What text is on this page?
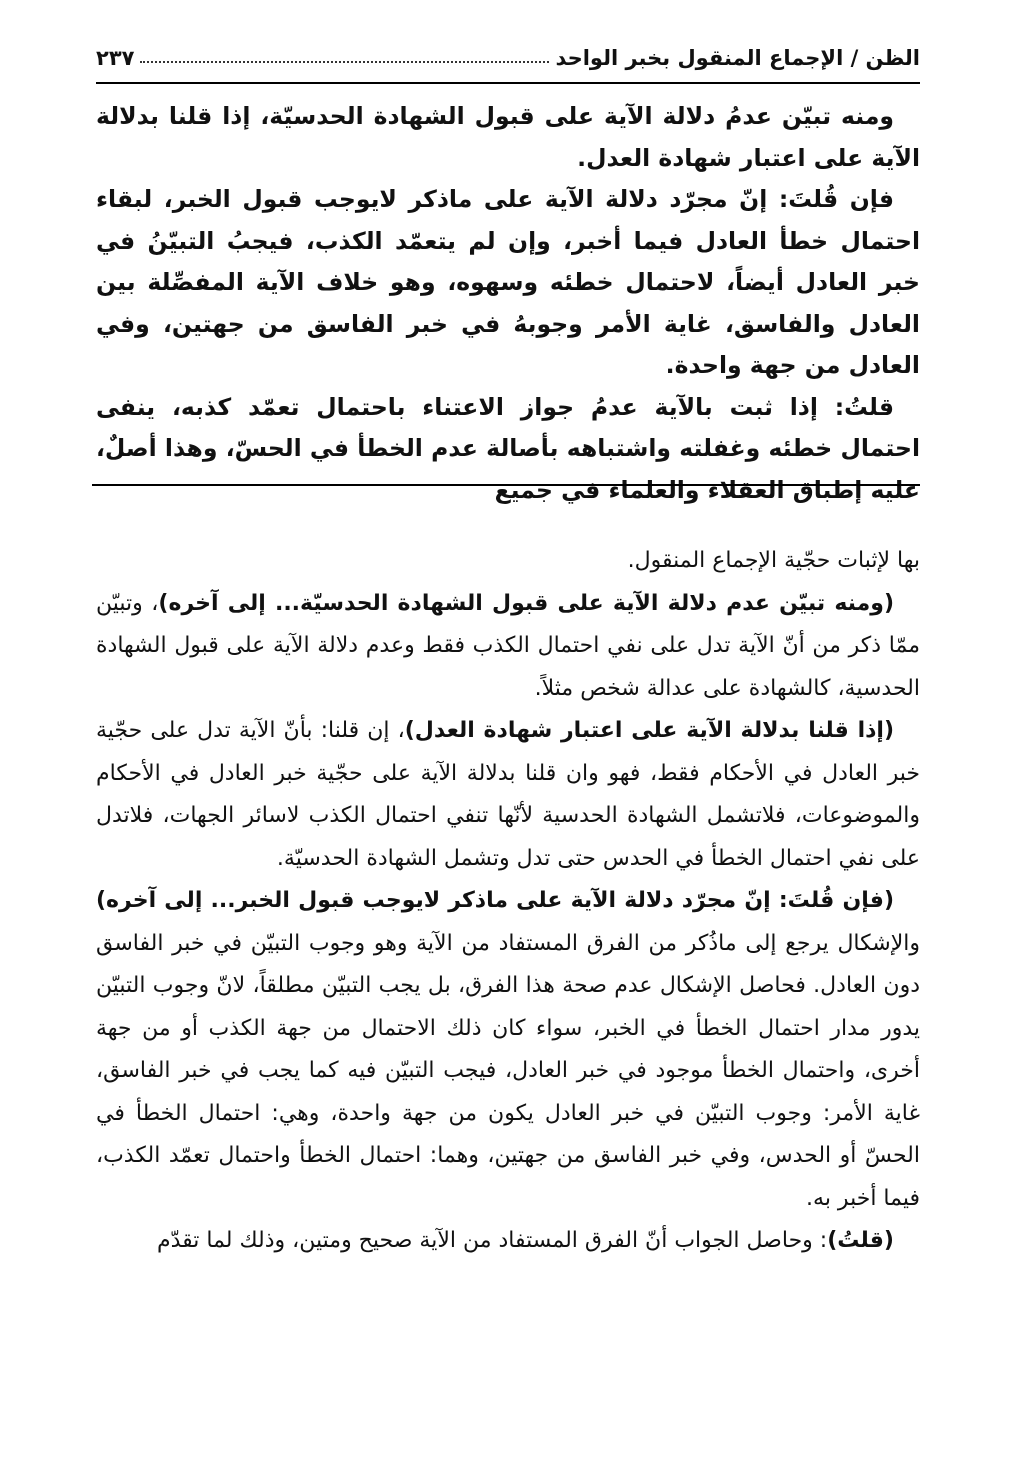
الظن / الإجماع المنقول بخبر الواحد
٢٣٧

ومنه تبيّن عدمُ دلالة الآية على قبول الشهادة الحدسيّة، إذا قلنا بدلالة الآية على اعتبار شهادة العدل.

فإن قُلتَ: إنّ مجرّد دلالة الآية على ماذكر لايوجب قبول الخبر، لبقاء احتمال خطأ العادل فيما أخبر، وإن لم يتعمّد الكذب، فيجبُ التبيّنُ في خبر العادل أيضاً، لاحتمال خطئه وسهوه، وهو خلاف الآية المفصِّلة بين العادل والفاسق، غاية الأمر وجوبهُ في خبر الفاسق من جهتين، وفي العادل من جهة واحدة.

قلتُ: إذا ثبت بالآية عدمُ جواز الاعتناء باحتمال تعمّد كذبه، ينفى احتمال خطئه وغفلته واشتباهه بأصالة عدم الخطأ في الحسّ، وهذا أصلٌ، عليه إطباق العقلاء والعلماء في جميع

بها لإثبات حجّية الإجماع المنقول.

(ومنه تبيّن عدم دلالة الآية على قبول الشهادة الحدسيّة... إلى آخره)، وتبيّن ممّا ذكر من أنّ الآية تدل على نفي احتمال الكذب فقط وعدم دلالة الآية على قبول الشهادة الحدسية، كالشهادة على عدالة شخص مثلاً.

(إذا قلنا بدلالة الآية على اعتبار شهادة العدل)، إن قلنا: بأنّ الآية تدل على حجّية خبر العادل في الأحكام فقط، فهو وان قلنا بدلالة الآية على حجّية خبر العادل في الأحكام والموضوعات، فلاتشمل الشهادة الحدسية لأنّها تنفي احتمال الكذب لاسائر الجهات، فلاتدل على نفي احتمال الخطأ في الحدس حتى تدل وتشمل الشهادة الحدسيّة.

(فإن قُلتَ: إنّ مجرّد دلالة الآية على ماذكر لايوجب قبول الخبر... إلى آخره) والإشكال يرجع إلى ماذُكر من الفرق المستفاد من الآية وهو وجوب التبيّن في خبر الفاسق دون العادل. فحاصل الإشكال عدم صحة هذا الفرق، بل يجب التبيّن مطلقاً، لانّ وجوب التبيّن يدور مدار احتمال الخطأ في الخبر، سواء كان ذلك الاحتمال من جهة الكذب أو من جهة أخرى، واحتمال الخطأ موجود في خبر العادل، فيجب التبيّن فيه كما يجب في خبر الفاسق، غاية الأمر: وجوب التبيّن في خبر العادل يكون من جهة واحدة، وهي: احتمال الخطأ في الحسّ أو الحدس، وفي خبر الفاسق من جهتين، وهما: احتمال الخطأ واحتمال تعمّد الكذب، فيما أخبر به.

(قلتُ): وحاصل الجواب أنّ الفرق المستفاد من الآية صحيح ومتين، وذلك لما تقدّم
